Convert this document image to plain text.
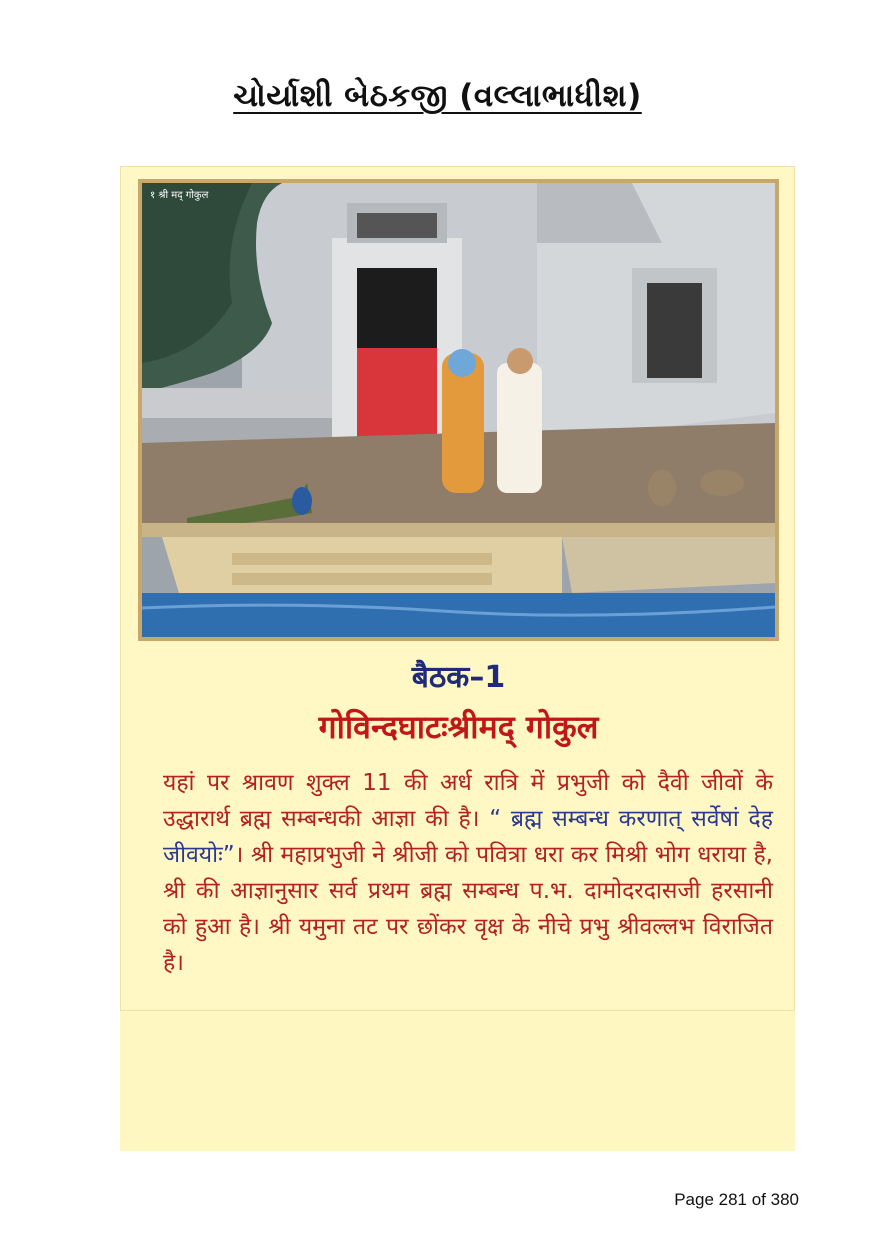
ચોર્યાશી બેઠકજી (વલ્લાભાધીશ)
१ श्री मद् गोकुल
बैठक–1
गोविन्दघाटःश्रीमद् गोकुल
यहां पर श्रावण शुक्ल 11 की अर्ध रात्रि में प्रभुजी को दैवी जीवों के उद्धारार्थ ब्रह्म सम्बन्धकी आज्ञा की है। “ ब्रह्म सम्बन्ध करणात् सर्वेषां देह जीवयोः”। श्री महाप्रभुजी ने श्रीजी को पवित्रा धरा कर मिश्री भोग धराया है, श्री की आज्ञानुसार सर्व प्रथम ब्रह्म सम्बन्ध प.भ. दामोदरदासजी हरसानी को हुआ है। श्री यमुना तट पर छोंकर वृक्ष के नीचे प्रभु श्रीवल्लभ विराजित है।
Page 281 of 380
